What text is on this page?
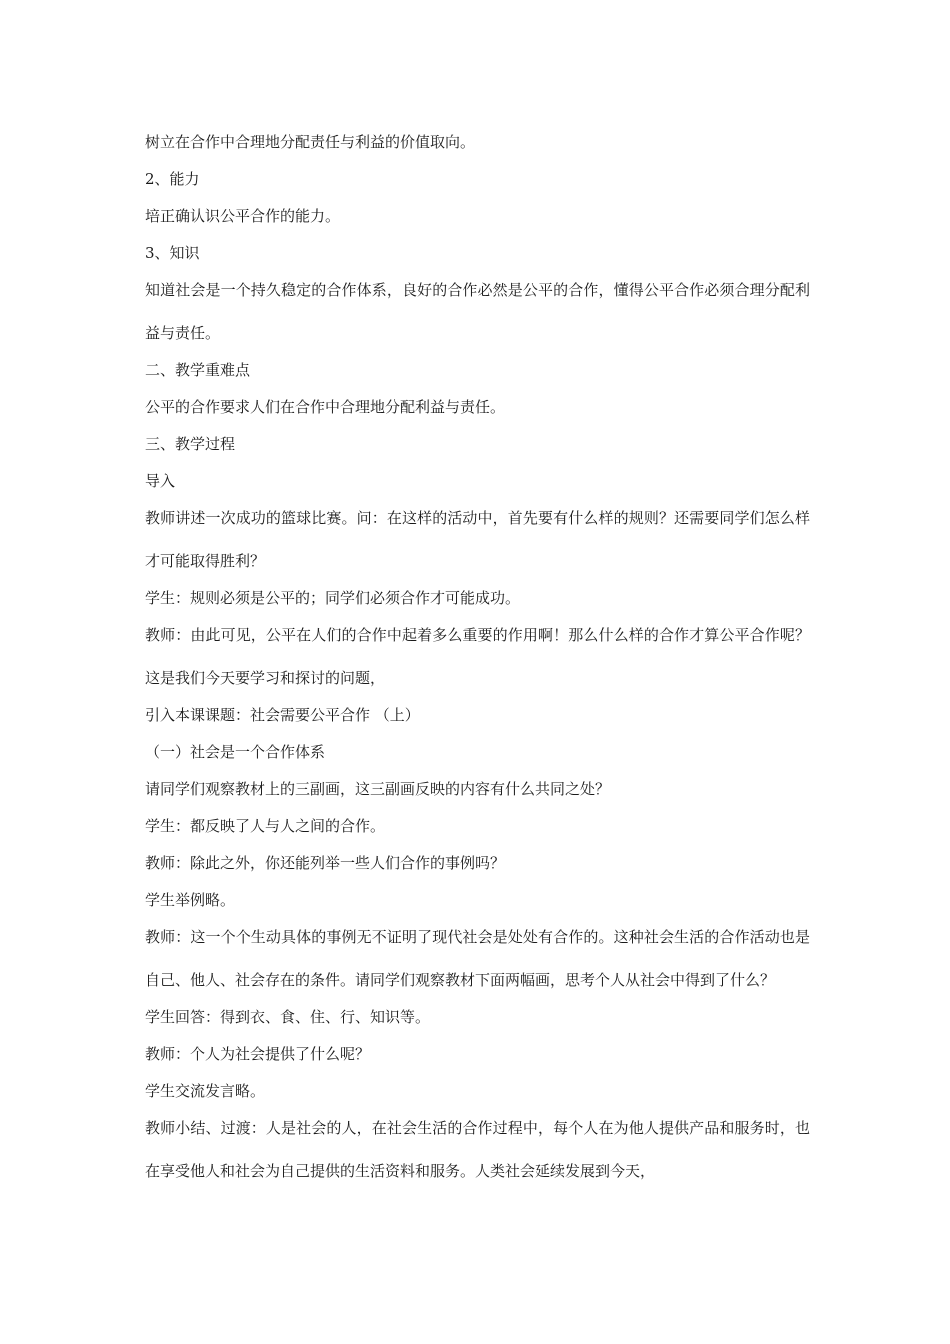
树立在合作中合理地分配责任与利益的价值取向。

2、能力

培正确认识公平合作的能力。

3、知识

知道社会是一个持久稳定的合作体系，良好的合作必然是公平的合作，懂得公平合作必须合理分配利益与责任。

二、教学重难点

公平的合作要求人们在合作中合理地分配利益与责任。

三、教学过程

导入

教师讲述一次成功的篮球比赛。问：在这样的活动中，首先要有什么样的规则？还需要同学们怎么样才可能取得胜利？

学生：规则必须是公平的；同学们必须合作才可能成功。

教师：由此可见，公平在人们的合作中起着多么重要的作用啊！那么什么样的合作才算公平合作呢？这是我们今天要学习和探讨的问题，

引入本课课题：社会需要公平合作 （上）

（一）社会是一个合作体系

请同学们观察教材上的三副画，这三副画反映的内容有什么共同之处？

学生：都反映了人与人之间的合作。

教师：除此之外，你还能列举一些人们合作的事例吗？

学生举例略。

教师：这一个个生动具体的事例无不证明了现代社会是处处有合作的。这种社会生活的合作活动也是自己、他人、社会存在的条件。请同学们观察教材下面两幅画，思考个人从社会中得到了什么？

学生回答：得到衣、食、住、行、知识等。

教师：个人为社会提供了什么呢？

学生交流发言略。

教师小结、过渡：人是社会的人，在社会生活的合作过程中，每个人在为他人提供产品和服务时，也在享受他人和社会为自己提供的生活资料和服务。人类社会延续发展到今天，
